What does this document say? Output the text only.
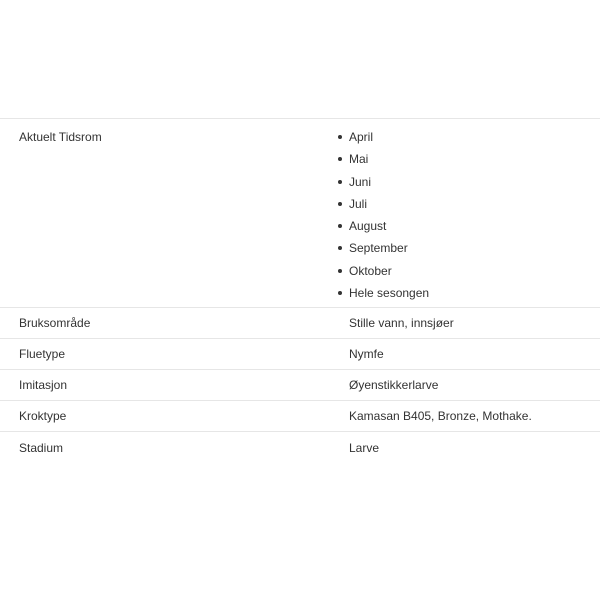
Aktuelt Tidsrom	April
Mai
Juni
Juli
August
September
Oktober
Hele sesongen
Bruksområde	Stille vann, innsjøer
Fluetype	Nymfe
Imitasjon	Øyenstikkerlarve
Kroktype	Kamasan B405, Bronze, Mothake.
Stadium	Larve
